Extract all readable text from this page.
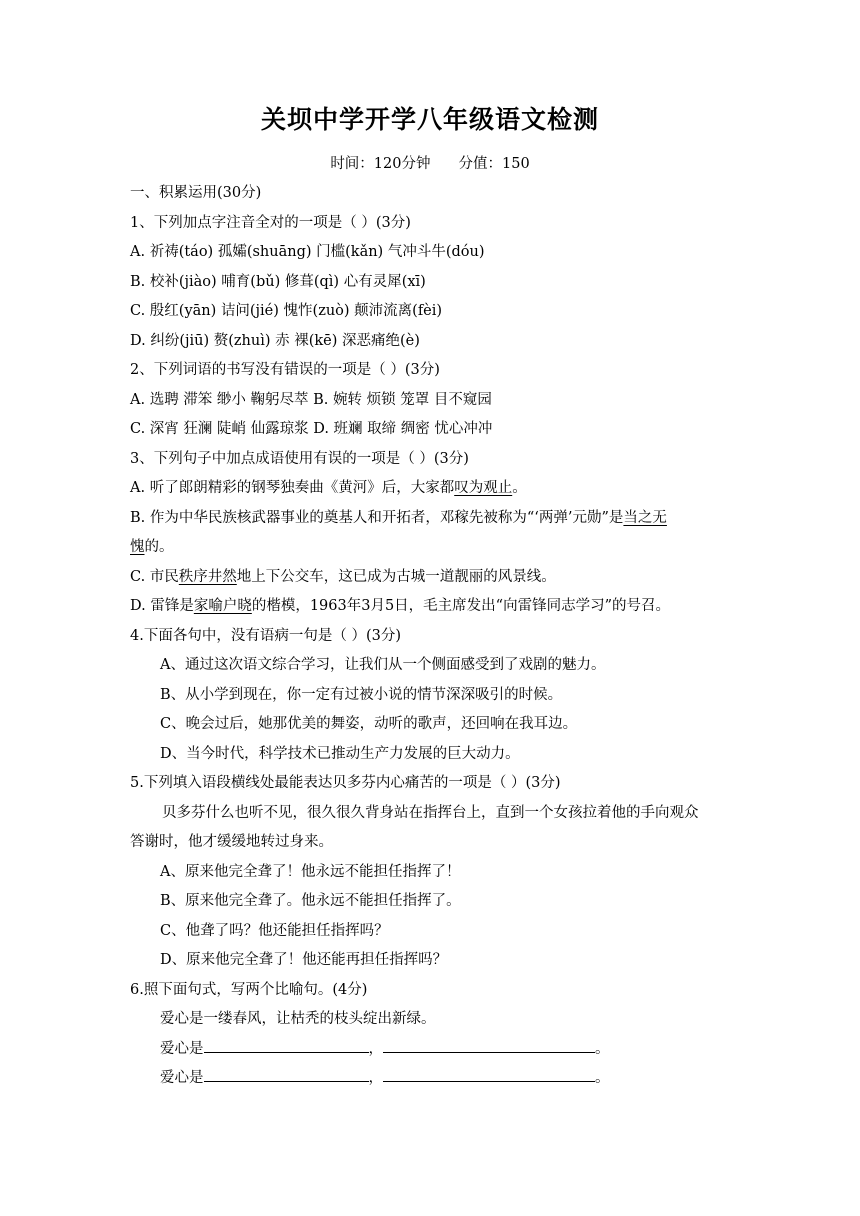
关坝中学开学八年级语文检测
时间：120分钟 分值：150
一、积累运用(30分)
1、下列加点字注音全对的一项是（ ）(3分)
A. 祈祷(táo) 孤孀(shuāng) 门槛(kǎn) 气冲斗牛(dóu)
B. 校补(jiào) 哺育(bǔ) 修葺(qì) 心有灵犀(xī)
C. 殷红(yān) 诘问(jié) 愧怍(zuò) 颠沛流离(fèi)
D. 纠纷(jiū) 赘(zhuì) 赤 裸(kē) 深恶痛绝(è)
2、下列词语的书写没有错误的一项是（ ）(3分)
A. 选聘 滞笨 缈小 鞠躬尽萃 B. 婉转 烦锁 笼罩 目不窥园
C. 深宵 狂澜 陡峭 仙露琼浆 D. 班斓 取缔 绸密 忧心冲冲
3、下列句子中加点成语使用有误的一项是（ ）(3分)
A. 听了郎朗精彩的钢琴独奏曲《黄河》后，大家都叹为观止。
B. 作为中华民族核武器事业的奠基人和开拓者，邓稼先被称为“‘两弹’元勋”是当之无
愧的。
C. 市民秩序井然地上下公交车，这已成为古城一道靓丽的风景线。
D. 雷锋是家喻户晓的楷模，1963年3月5日，毛主席发出“向雷锋同志学习”的号召。
4.下面各句中，没有语病一句是（ ）(3分)
A、通过这次语文综合学习，让我们从一个侧面感受到了戏剧的魅力。
B、从小学到现在，你一定有过被小说的情节深深吸引的时候。
C、晚会过后，她那优美的舞姿，动听的歌声，还回响在我耳边。
D、当今时代，科学技术已推动生产力发展的巨大动力。
5.下列填入语段横线处最能表达贝多芬内心痛苦的一项是（ ）(3分)
贝多芬什么也听不见，很久很久背身站在指挥台上，直到一个女孩拉着他的手向观众
答谢时，他才缓缓地转过身来。
A、原来他完全聋了！他永远不能担任指挥了！
B、原来他完全聋了。他永远不能担任指挥了。
C、他聋了吗？他还能担任指挥吗？
D、原来他完全聋了！他还能再担任指挥吗？
6.照下面句式，写两个比喻句。(4分)
爱心是一缕春风，让枯秃的枝头绽出新绿。
爱心是	，	。
爱心是	，	。
